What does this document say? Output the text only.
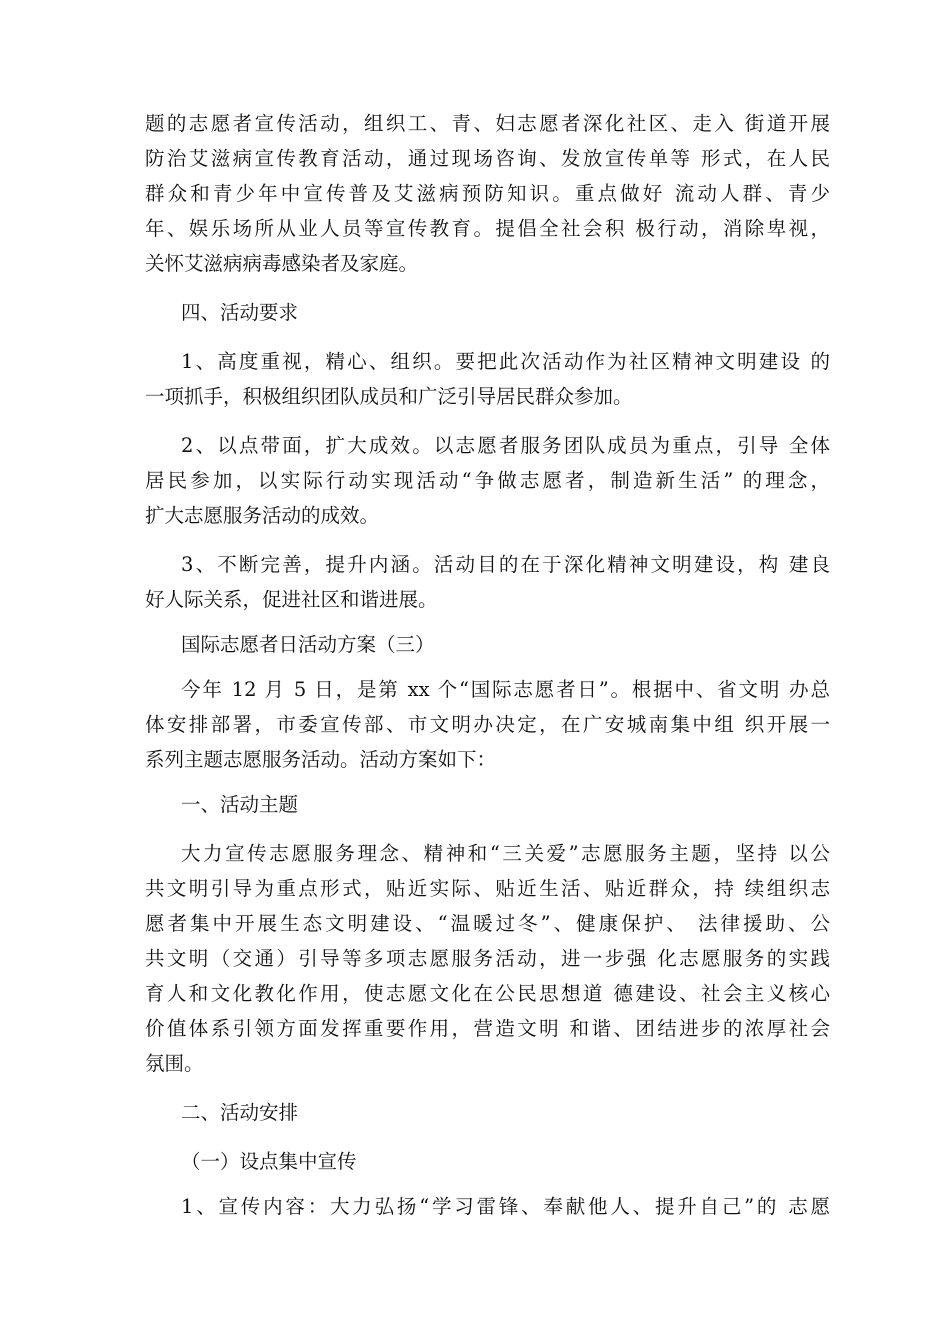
题的志愿者宣传活动，组织工、青、妇志愿者深化社区、走入 街道开展
防治艾滋病宣传教育活动，通过现场咨询、发放宣传单等 形式，在人民
群众和青少年中宣传普及艾滋病预防知识。重点做好 流动人群、青少
年、娱乐场所从业人员等宣传教育。提倡全社会积 极行动，消除卑视，
关怀艾滋病病毒感染者及家庭。

四、活动要求

1、高度重视，精心、组织。要把此次活动作为社区精神文明建设 的
一项抓手，积极组织团队成员和广泛引导居民群众参加。

2、以点带面，扩大成效。以志愿者服务团队成员为重点，引导 全体
居民参加，以实际行动实现活动“争做志愿者，制造新生活” 的理念，
扩大志愿服务活动的成效。

3、不断完善，提升内涵。活动目的在于深化精神文明建设，构 建良
好人际关系，促进社区和谐进展。

国际志愿者日活动方案（三）

今年 12 月 5 日，是第 xx 个“国际志愿者日”。根据中、省文明 办总
体安排部署，市委宣传部、市文明办决定，在广安城南集中组 织开展一
系列主题志愿服务活动。活动方案如下：

一、活动主题

大力宣传志愿服务理念、精神和“三关爱”志愿服务主题，坚持 以公
共文明引导为重点形式，贴近实际、贴近生活、贴近群众，持 续组织志
愿者集中开展生态文明建设、“温暖过冬”、健康保护、 法律援助、公
共文明（交通）引导等多项志愿服务活动，进一步强 化志愿服务的实践
育人和文化教化作用，使志愿文化在公民思想道 德建设、社会主义核心
价值体系引领方面发挥重要作用，营造文明 和谐、团结进步的浓厚社会
氛围。

二、活动安排

（一）设点集中宣传

1、宣传内容：大力弘扬“学习雷锋、奉献他人、提升自己”的 志愿
